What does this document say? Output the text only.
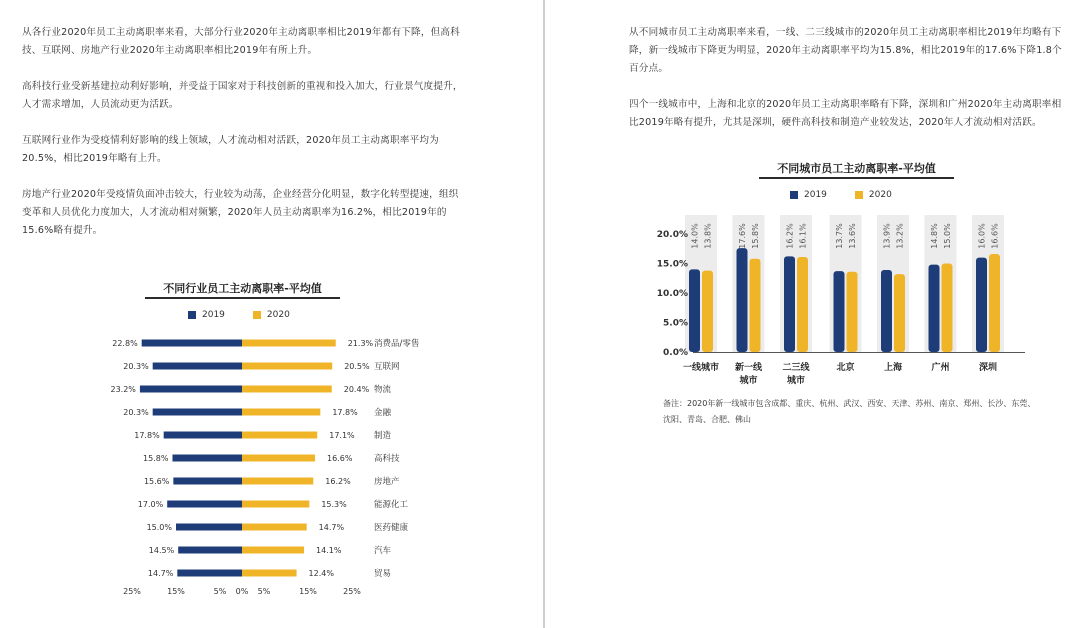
从各行业2020年员工主动离职率来看，大部分行业2020年主动离职率相比2019年都有下降，但高科技、互联网、房地产行业2020年主动离职率相比2019年有所上升。

高科技行业受新基建拉动利好影响，并受益于国家对于科技创新的重视和投入加大，行业景气度提升，人才需求增加，人员流动更为活跃。

互联网行业作为受疫情利好影响的线上领域，人才流动相对活跃，2020年员工主动离职率平均为20.5%，相比2019年略有上升。

房地产行业2020年受疫情负面冲击较大，行业较为动荡，企业经营分化明显，数字化转型提速，组织变革和人员优化力度加大，人才流动相对频繁，2020年人员主动离职率为16.2%，相比2019年的15.6%略有提升。

不同行业员工主动离职率-平均值
2019	2020
22.8%	21.3% 消费品/零售
20.3%	20.5% 互联网
23.2%	20.4% 物流
20.3%	17.8% 金融
17.8%	17.1% 制造
15.8%	16.6%	高科技
15.6%	16.2%	房地产
17.0%	15.3%	能源化工
15.0%	14.7%	医药健康
14.5%	14.1%	汽车
14.7%	12.4%	贸易
25%	15%	5% 0% 5%	15%	25%

从不同城市员工主动离职率来看，一线、二三线城市的2020年员工主动离职率相比2019年均略有下降，新一线城市下降更为明显，2020年主动离职率平均为15.8%，相比2019年的17.6%下降1.8个百分点。

四个一线城市中，上海和北京的2020年员工主动离职率略有下降，深圳和广州2020年主动离职率相比2019年略有提升，尤其是深圳，硬件高科技和制造产业较发达，2020年人才流动相对活跃。

不同城市员工主动离职率-平均值
2019	2020
0.0%
5.0%
10.0%
15.0%
20.0% 14.0% 13.8%
一线城市
17.6% 15.8%
新一线
城市
16.2% 16.1%
二三线
城市
13.7% 13.6%
北京
13.9% 13.2%
上海
14.8% 15.0%
广州
16.0% 16.6%
深圳
备注：2020年新一线城市包含成都、重庆、杭州、武汉、西安、天津、苏州、南京、郑州、长沙、东莞、沈阳、青岛、合肥、佛山
